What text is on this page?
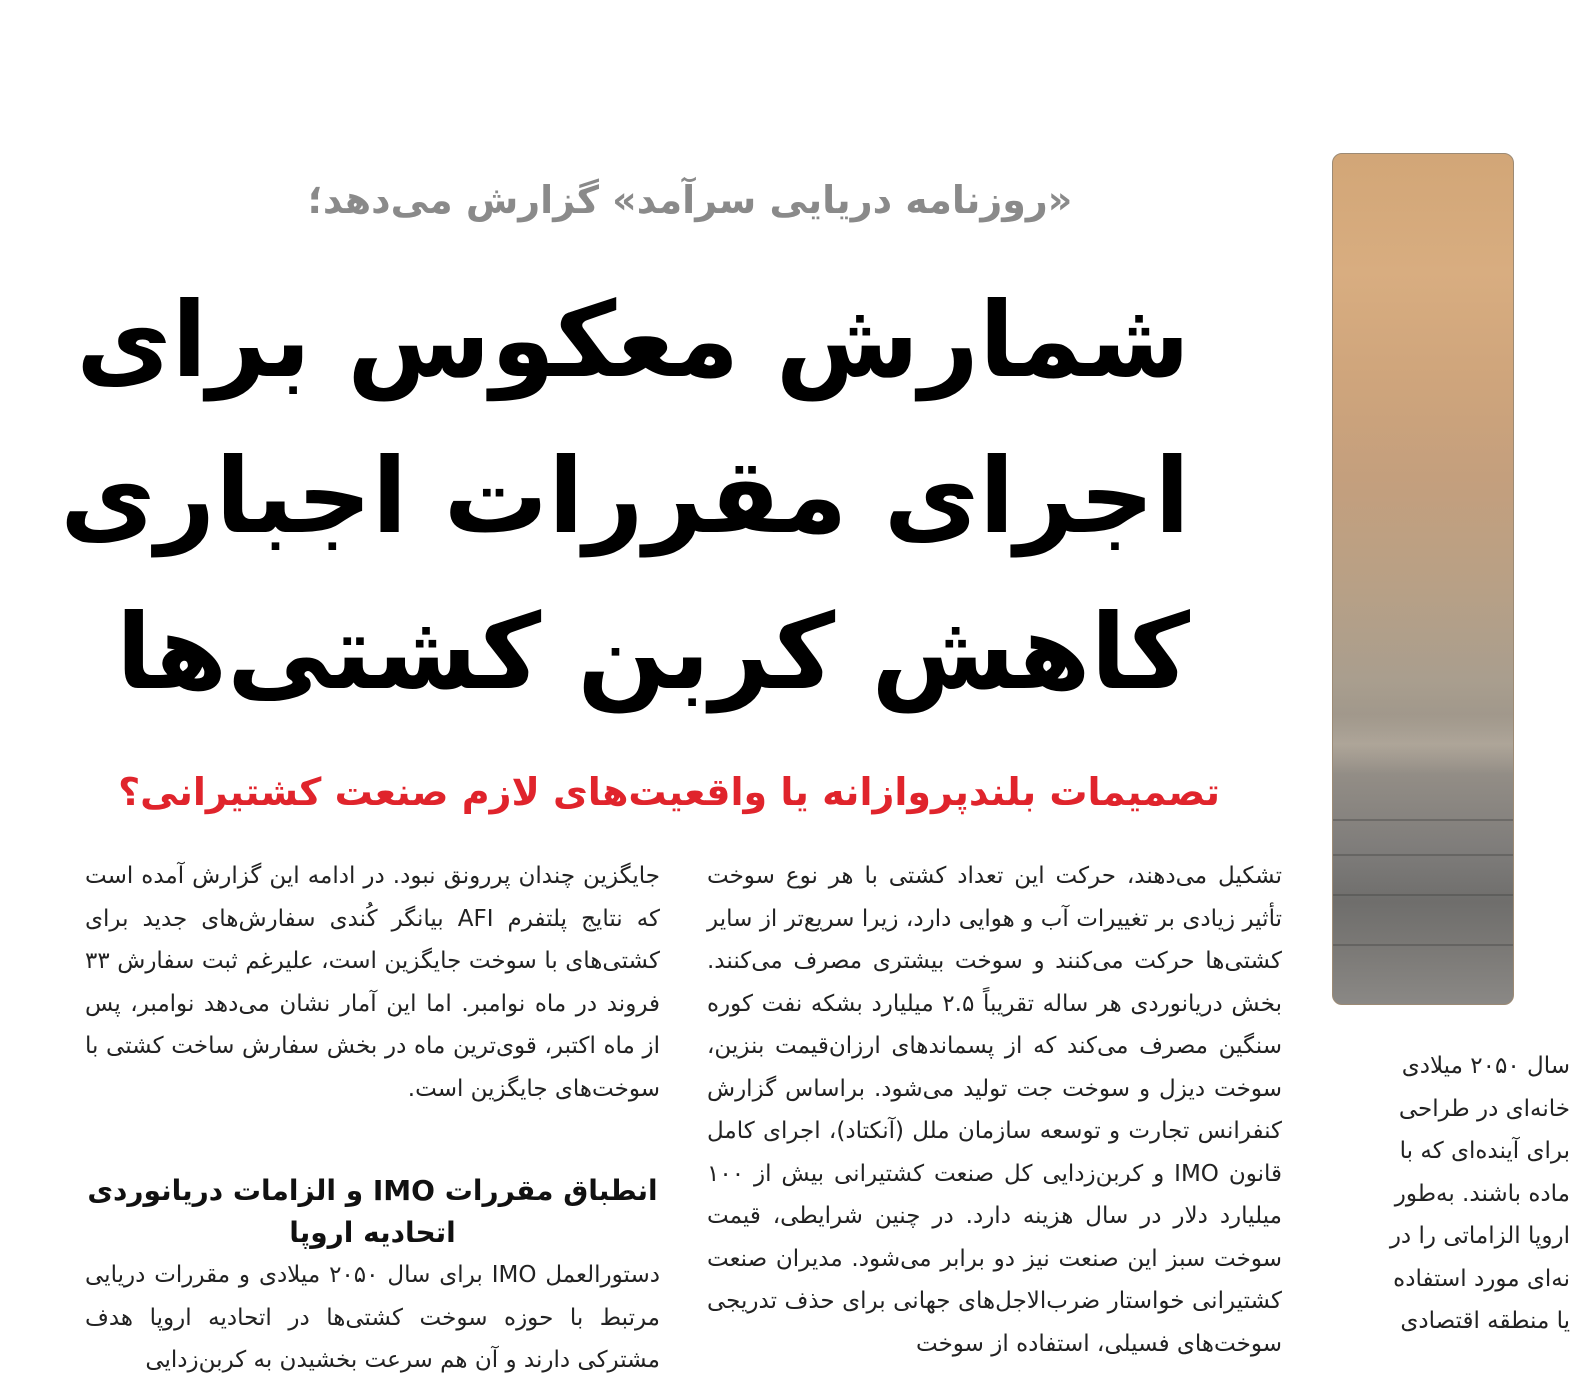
«روزنامه دریایی سرآمد» گزارش می‌دهد؛
شمارش معکوس برای
اجرای مقررات اجباری
کاهش کربن کشتی‌ها
تصمیمات بلندپروازانه یا واقعیت‌های لازم صنعت کشتیرانی؟

تشکیل می‌دهند، حرکت این تعداد کشتی با هر نوع سوخت تأثیر زیادی بر تغییرات آب و هوایی دارد، زیرا سریع‌تر از سایر کشتی‌ها حرکت می‌کنند و سوخت بیشتری مصرف می‌کنند. بخش دریانوردی هر ساله تقریباً ۲.۵ میلیارد بشکه نفت کوره سنگین مصرف می‌کند که از پسماندهای ارزان‌قیمت بنزین، سوخت دیزل و سوخت جت تولید می‌شود. براساس گزارش کنفرانس تجارت و توسعه سازمان ملل (آنکتاد)، اجرای کامل قانون IMO و کربن‌زدایی کل صنعت کشتیرانی بیش از ۱۰۰ میلیارد دلار در سال هزینه دارد. در چنین شرایطی، قیمت سوخت سبز این صنعت نیز دو برابر می‌شود. مدیران صنعت کشتیرانی خواستار ضرب‌الاجل‌های جهانی برای حذف تدریجی سوخت‌های فسیلی، استفاده از سوخت

جایگزین چندان پررونق نبود. در ادامه این گزارش آمده است که نتایج پلتفرم AFI بیانگر کُندی سفارش‌های جدید برای کشتی‌های با سوخت جایگزین است، علیرغم ثبت سفارش ۳۳ فروند در ماه نوامبر. اما این آمار نشان می‌دهد نوامبر، پس از ماه اکتبر، قوی‌ترین ماه در بخش سفارش ساخت کشتی با سوخت‌های جایگزین است.

انطباق مقررات IMO و الزامات دریانوردی اتحادیه اروپا

دستورالعمل IMO برای سال ۲۰۵۰ میلادی و مقررات دریایی مرتبط با حوزه سوخت کشتی‌ها در اتحادیه اروپا هدف مشترکی دارند و آن هم سرعت بخشیدن به کربن‌زدایی

سال ۲۰۵۰ میلادی
خانه‌ای در طراحی
برای آینده‌ای که با
ماده باشند. به‌طور
اروپا الزاماتی را در
نه‌ای مورد استفاده
یا منطقه اقتصادی
